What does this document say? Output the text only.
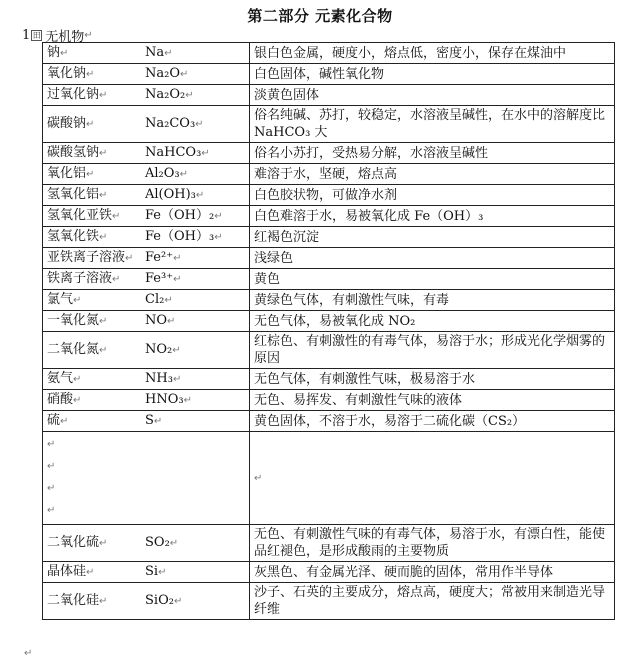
第二部分 元素化合物
1 田 无机物 ↵
钠↵	Na↵	银白色金属，硬度小，熔点低，密度小，保存在煤油中
氧化钠↵	Na₂O↵	白色固体，碱性氧化物
过氧化钠↵	Na₂O₂↵	淡黄色固体
碳酸钠↵	Na₂CO₃↵	俗名纯碱、苏打，较稳定，水溶液呈碱性，在水中的溶解度比 NaHCO₃ 大
碳酸氢钠↵	NaHCO₃↵	俗名小苏打，受热易分解，水溶液呈碱性
氧化铝↵	Al₂O₃↵	难溶于水，坚硬，熔点高
氢氧化铝↵	Al(OH)₃↵	白色胶状物，可做净水剂
氢氧化亚铁↵	Fe（OH）₂↵	白色难溶于水，易被氧化成 Fe（OH）₃
氢氧化铁↵	Fe（OH）₃↵	红褐色沉淀
亚铁离子溶液↵	Fe²⁺↵	浅绿色
铁离子溶液↵	Fe³⁺↵	黄色
氯气↵	Cl₂↵	黄绿色气体，有刺激性气味，有毒
一氧化氮↵	NO↵	无色气体，易被氧化成 NO₂
二氧化氮↵	NO₂↵	红棕色、有刺激性的有毒气体，易溶于水；形成光化学烟雾的原因
氨气↵	NH₃↵	无色气体，有刺激性气味，极易溶于水
硝酸↵	HNO₃↵	无色、易挥发、有刺激性气味的液体
硫↵	S↵	黄色固体，不溶于水，易溶于二硫化碳（CS₂）

↵
↵
↵
↵		↵
二氧化硫↵	SO₂↵	无色、有刺激性气味的有毒气体，易溶于水，有漂白性，能使品红褪色，是形成酸雨的主要物质
晶体硅↵	Si↵	灰黑色、有金属光泽、硬而脆的固体，常用作半导体
二氧化硅↵	SiO₂↵	沙子、石英的主要成分，熔点高，硬度大；常被用来制造光导纤维
↵
